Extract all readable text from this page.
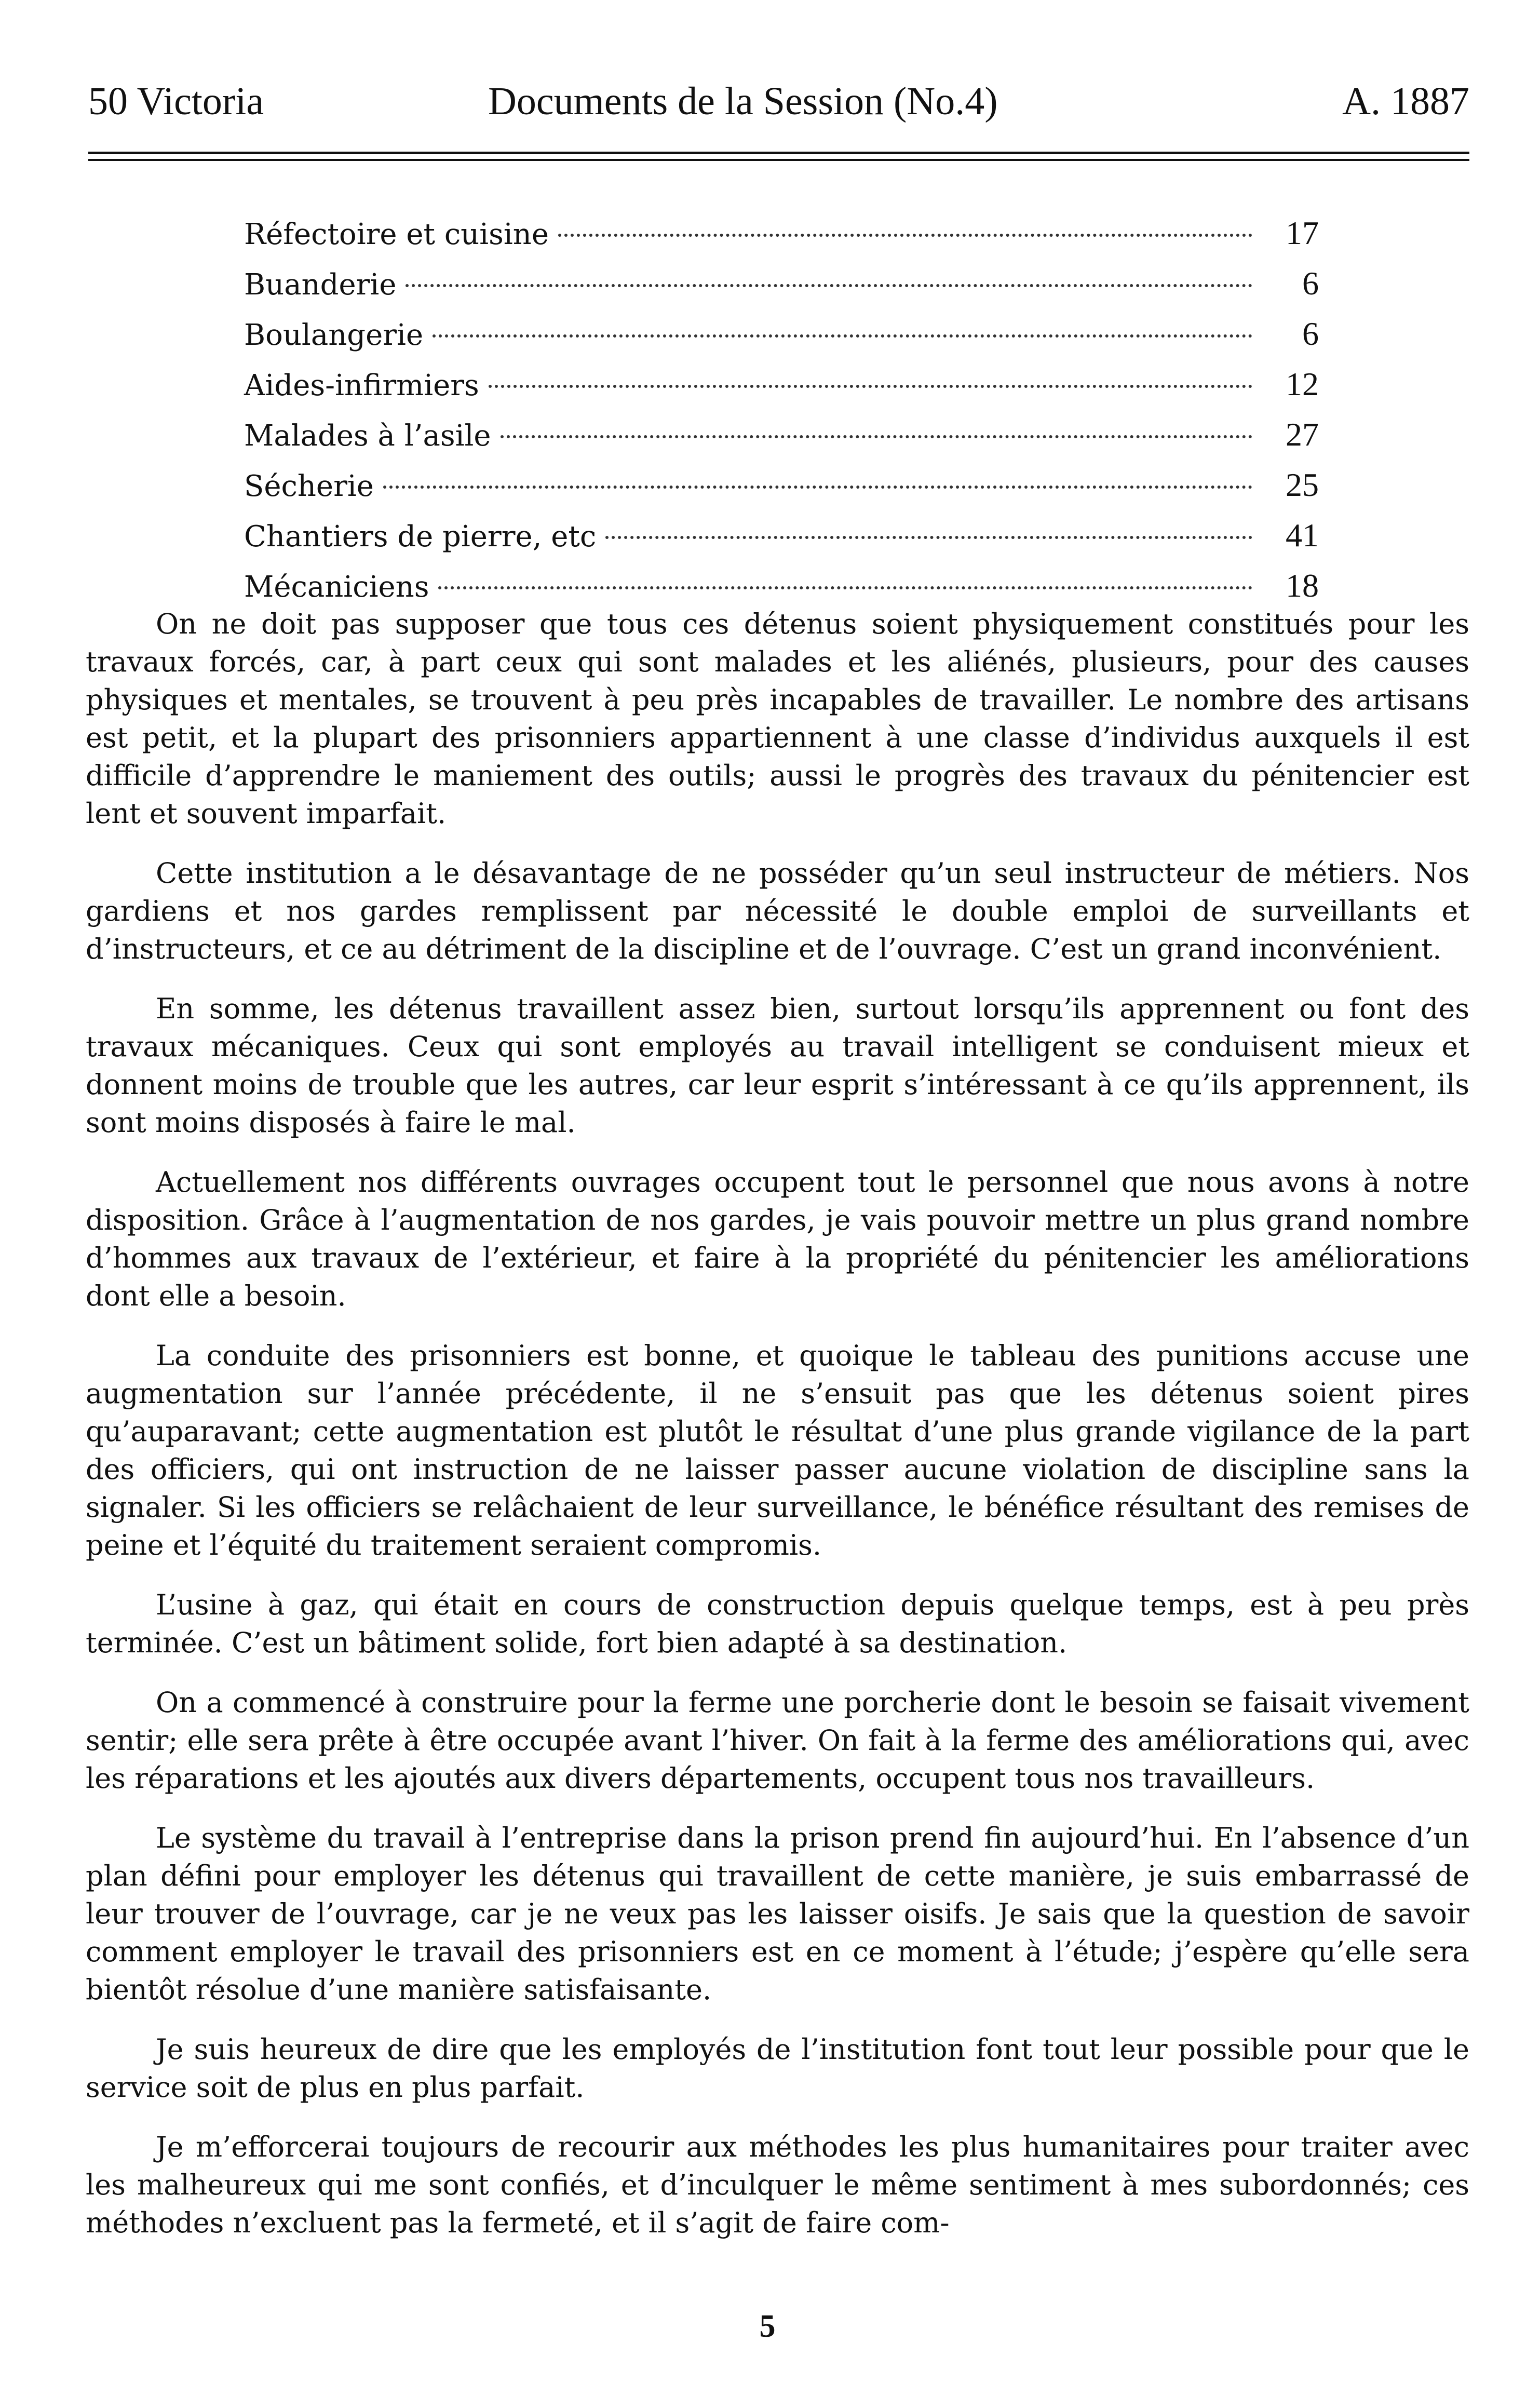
50 Victoria	Documents de la Session (No.4)	A. 1887
Réfectoire et cuisine	17
Buanderie	6
Boulangerie	6
Aides-infirmiers	12
Malades à l’asile	27
Sécherie	25
Chantiers de pierre, etc	41
Mécaniciens	18

On ne doit pas supposer que tous ces détenus soient physiquement constitués pour les travaux forcés, car, à part ceux qui sont malades et les aliénés, plusieurs, pour des causes physiques et mentales, se trouvent à peu près incapables de travailler. Le nombre des artisans est petit, et la plupart des prisonniers appartiennent à une classe d’individus auxquels il est difficile d’apprendre le maniement des outils; aussi le progrès des travaux du pénitencier est lent et souvent imparfait.

Cette institution a le désavantage de ne posséder qu’un seul instructeur de métiers. Nos gardiens et nos gardes remplissent par nécessité le double emploi de surveillants et d’instructeurs, et ce au détriment de la discipline et de l’ouvrage. C’est un grand inconvénient.

En somme, les détenus travaillent assez bien, surtout lorsqu’ils apprennent ou font des travaux mécaniques. Ceux qui sont employés au travail intelligent se conduisent mieux et donnent moins de trouble que les autres, car leur esprit s’intéressant à ce qu’ils apprennent, ils sont moins disposés à faire le mal.

Actuellement nos différents ouvrages occupent tout le personnel que nous avons à notre disposition. Grâce à l’augmentation de nos gardes, je vais pouvoir mettre un plus grand nombre d’hommes aux travaux de l’extérieur, et faire à la propriété du pénitencier les améliorations dont elle a besoin.

La conduite des prisonniers est bonne, et quoique le tableau des punitions accuse une augmentation sur l’année précédente, il ne s’ensuit pas que les détenus soient pires qu’auparavant; cette augmentation est plutôt le résultat d’une plus grande vigilance de la part des officiers, qui ont instruction de ne laisser passer aucune violation de discipline sans la signaler. Si les officiers se relâchaient de leur surveillance, le bénéfice résultant des remises de peine et l’équité du traitement seraient compromis.

L’usine à gaz, qui était en cours de construction depuis quelque temps, est à peu près terminée. C’est un bâtiment solide, fort bien adapté à sa destination.

On a commencé à construire pour la ferme une porcherie dont le besoin se faisait vivement sentir; elle sera prête à être occupée avant l’hiver. On fait à la ferme des améliorations qui, avec les réparations et les ajoutés aux divers départements, occupent tous nos travailleurs.

Le système du travail à l’entreprise dans la prison prend fin aujourd’hui. En l’absence d’un plan défini pour employer les détenus qui travaillent de cette manière, je suis embarrassé de leur trouver de l’ouvrage, car je ne veux pas les laisser oisifs. Je sais que la question de savoir comment employer le travail des prisonniers est en ce moment à l’étude; j’espère qu’elle sera bientôt résolue d’une manière satisfaisante.

Je suis heureux de dire que les employés de l’institution font tout leur possible pour que le service soit de plus en plus parfait.

Je m’efforcerai toujours de recourir aux méthodes les plus humanitaires pour traiter avec les malheureux qui me sont confiés, et d’inculquer le même sentiment à mes subordonnés; ces méthodes n’excluent pas la fermeté, et il s’agit de faire com-

5
